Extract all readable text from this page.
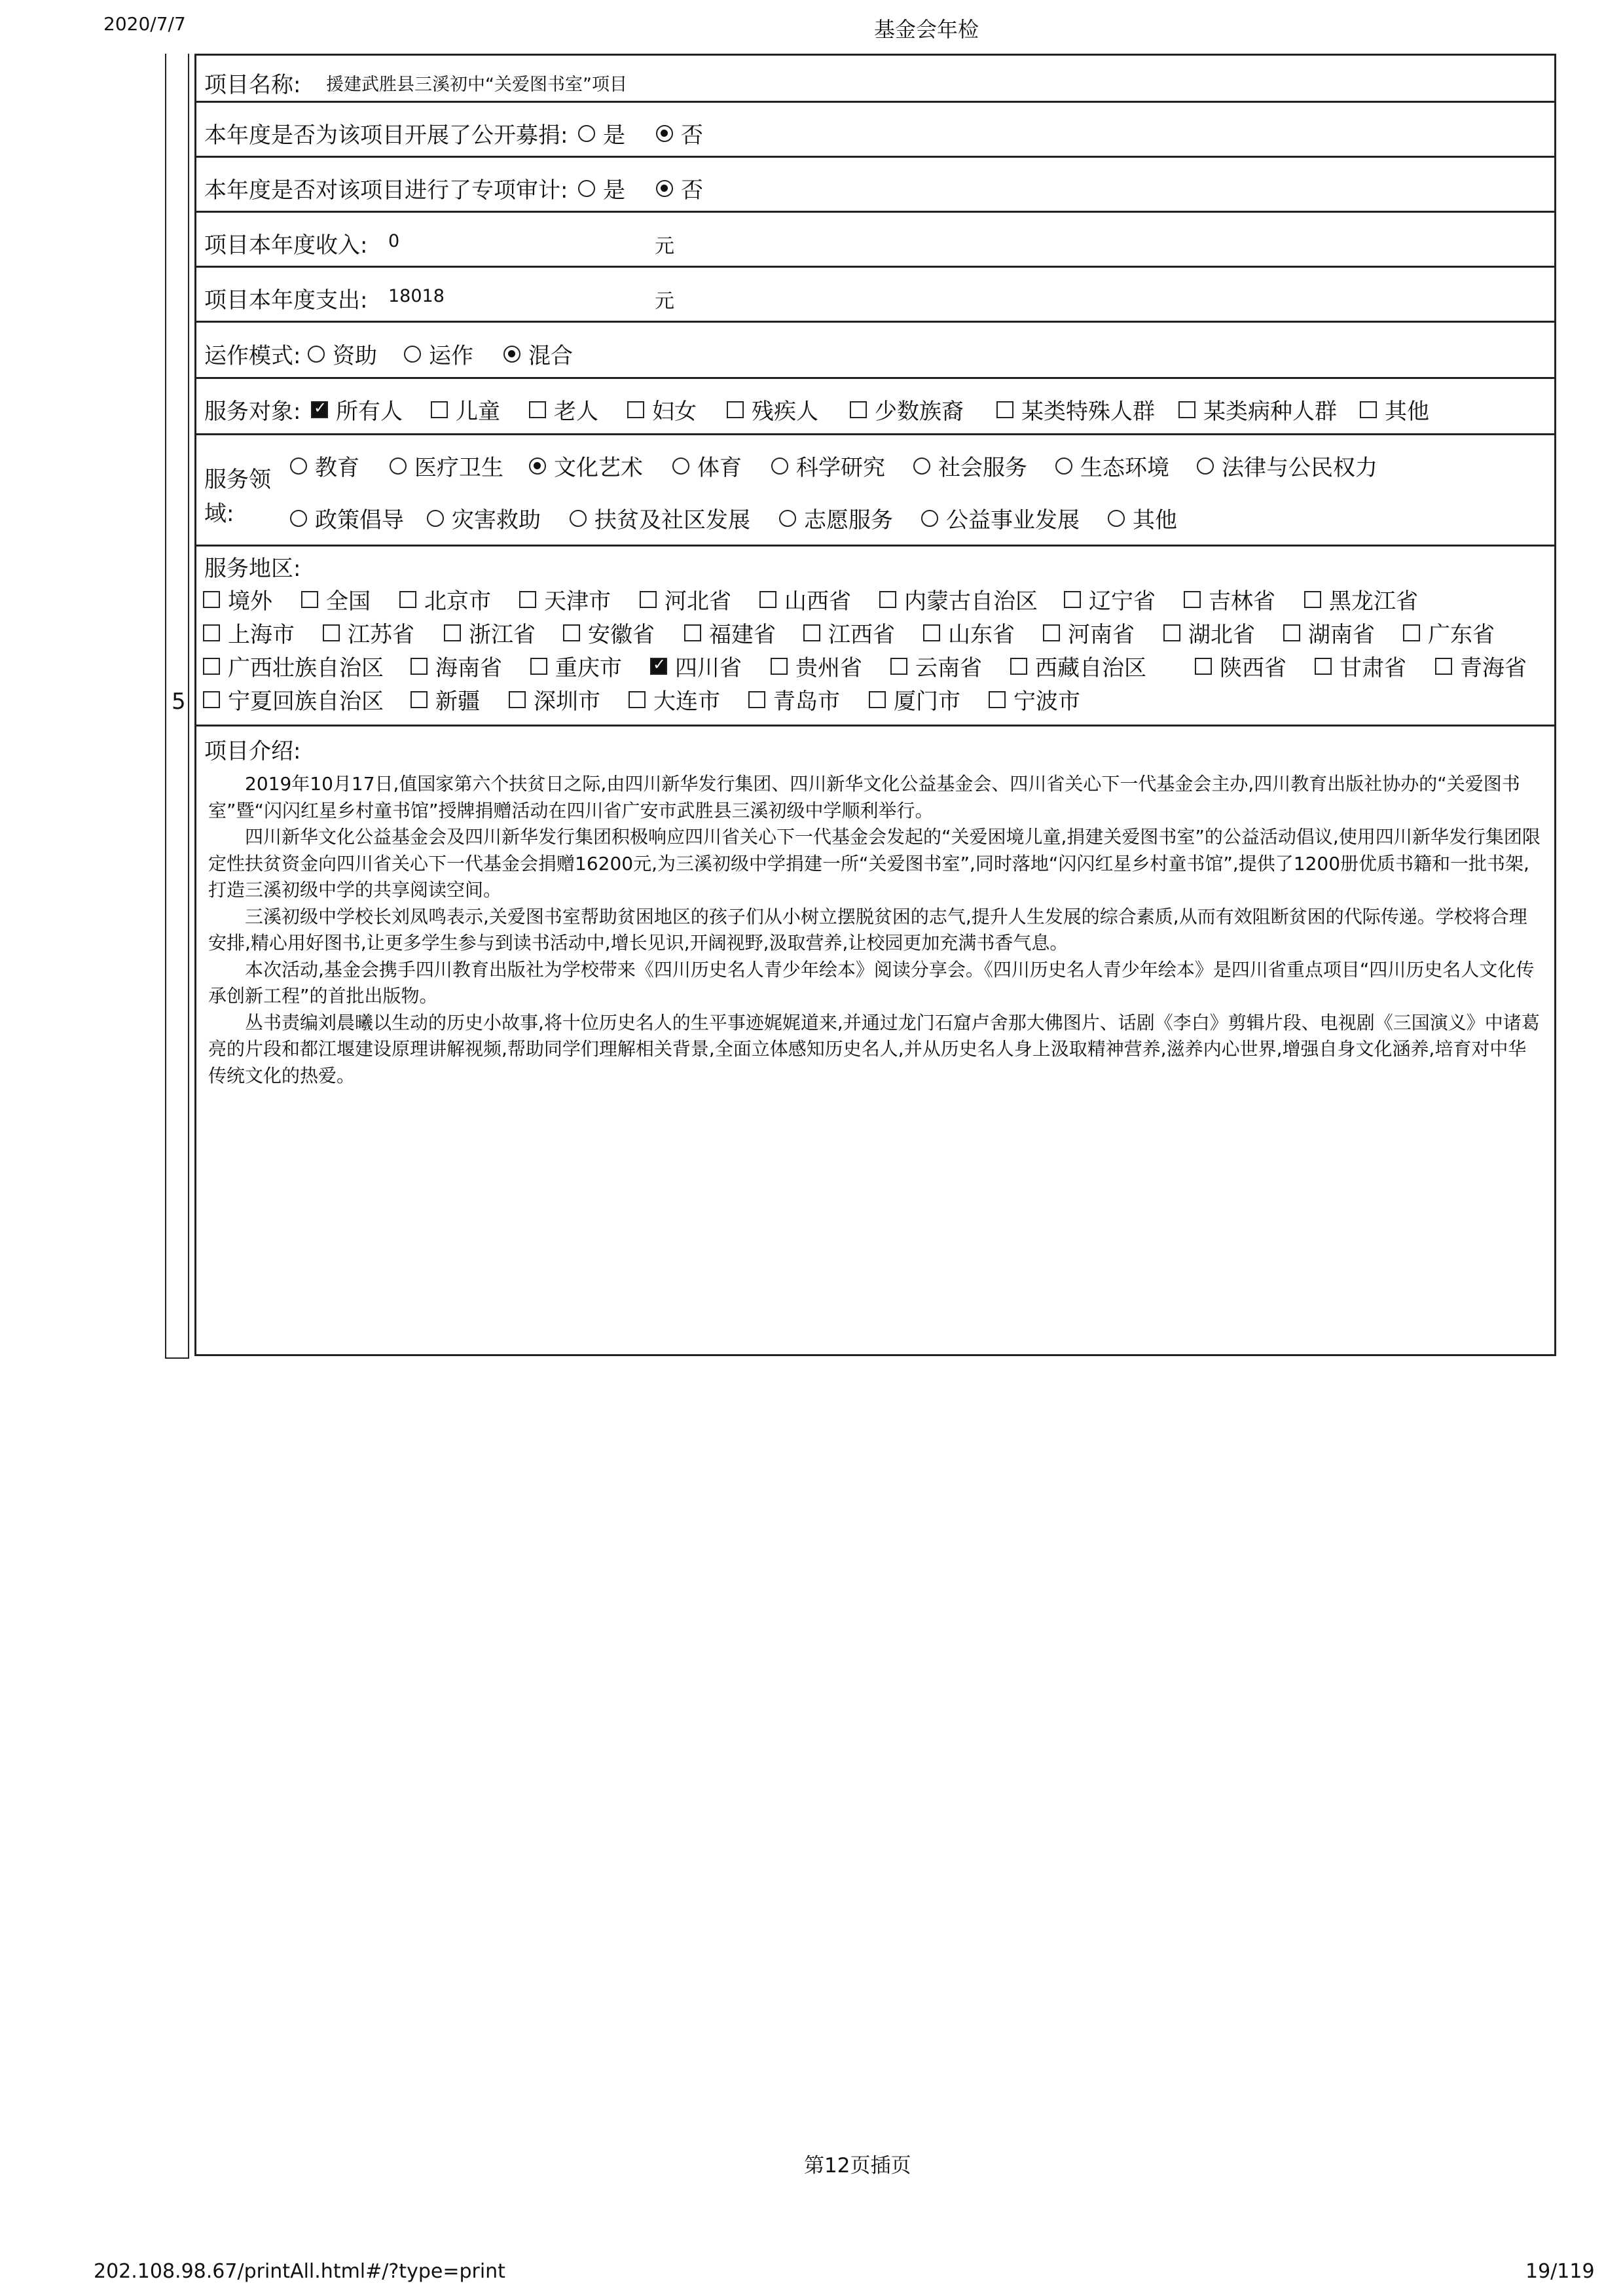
2020/7/7	基金会年检
5
项目名称: 援建武胜县三溪初中“关爱图书室”项目
本年度是否为该项目开展了公开募捐: 是	否
本年度是否对该项目进行了专项审计: 是	否
项目本年度收入: 0	元
项目本年度支出: 18018	元
运作模式: 资助 运作 混合
服务对象: ✓ 所有人 儿童 老人 妇女 残疾人	少数族裔	某类特殊人群 某类病种人群 其他
服务领
域:
教育 医疗卫生 文化艺术 体育 科学研究 社会服务 生态环境 法律与公民权力
政策倡导 灾害救助 扶贫及社区发展 志愿服务 公益事业发展 其他
服务地区:
境外 全国 北京市 天津市 河北省 山西省 内蒙古自治区 辽宁省 吉林省 黑龙江省
上海市 江苏省 浙江省 安徽省 福建省 江西省 山东省 河南省 湖北省 湖南省 广东省
广西壮族自治区 海南省 重庆市 ✓ 四川省 贵州省 云南省 西藏自治区	陕西省 甘肃省 青海省
宁夏回族自治区 新疆 深圳市 大连市 青岛市 厦门市 宁波市
项目介绍:

2019年10月17日,值国家第六个扶贫日之际,由四川新华发行集团、四川新华文化公益基金会、四川省关心下一代基金会主办,四川教育出版社协办的“关爱图书室”暨“闪闪红星乡村童书馆”授牌捐赠活动在四川省广安市武胜县三溪初级中学顺利举行。

四川新华文化公益基金会及四川新华发行集团积极响应四川省关心下一代基金会发起的“关爱困境儿童,捐建关爱图书室”的公益活动倡议,使用四川新华发行集团限定性扶贫资金向四川省关心下一代基金会捐赠16200元,为三溪初级中学捐建一所“关爱图书室”,同时落地“闪闪红星乡村童书馆”,提供了1200册优质书籍和一批书架,打造三溪初级中学的共享阅读空间。

三溪初级中学校长刘凤鸣表示,关爱图书室帮助贫困地区的孩子们从小树立摆脱贫困的志气,提升人生发展的综合素质,从而有效阻断贫困的代际传递。学校将合理安排,精心用好图书,让更多学生参与到读书活动中,增长见识,开阔视野,汲取营养,让校园更加充满书香气息。

本次活动,基金会携手四川教育出版社为学校带来《四川历史名人青少年绘本》阅读分享会。《四川历史名人青少年绘本》是四川省重点项目“四川历史名人文化传承创新工程”的首批出版物。

丛书责编刘晨曦以生动的历史小故事,将十位历史名人的生平事迹娓娓道来,并通过龙门石窟卢舍那大佛图片、话剧《李白》剪辑片段、电视剧《三国演义》中诸葛亮的片段和都江堰建设原理讲解视频,帮助同学们理解相关背景,全面立体感知历史名人,并从历史名人身上汲取精神营养,滋养内心世界,增强自身文化涵养,培育对中华传统文化的热爱。

第12页插页
202.108.98.67/printAll.html#/?type=print	19/119
